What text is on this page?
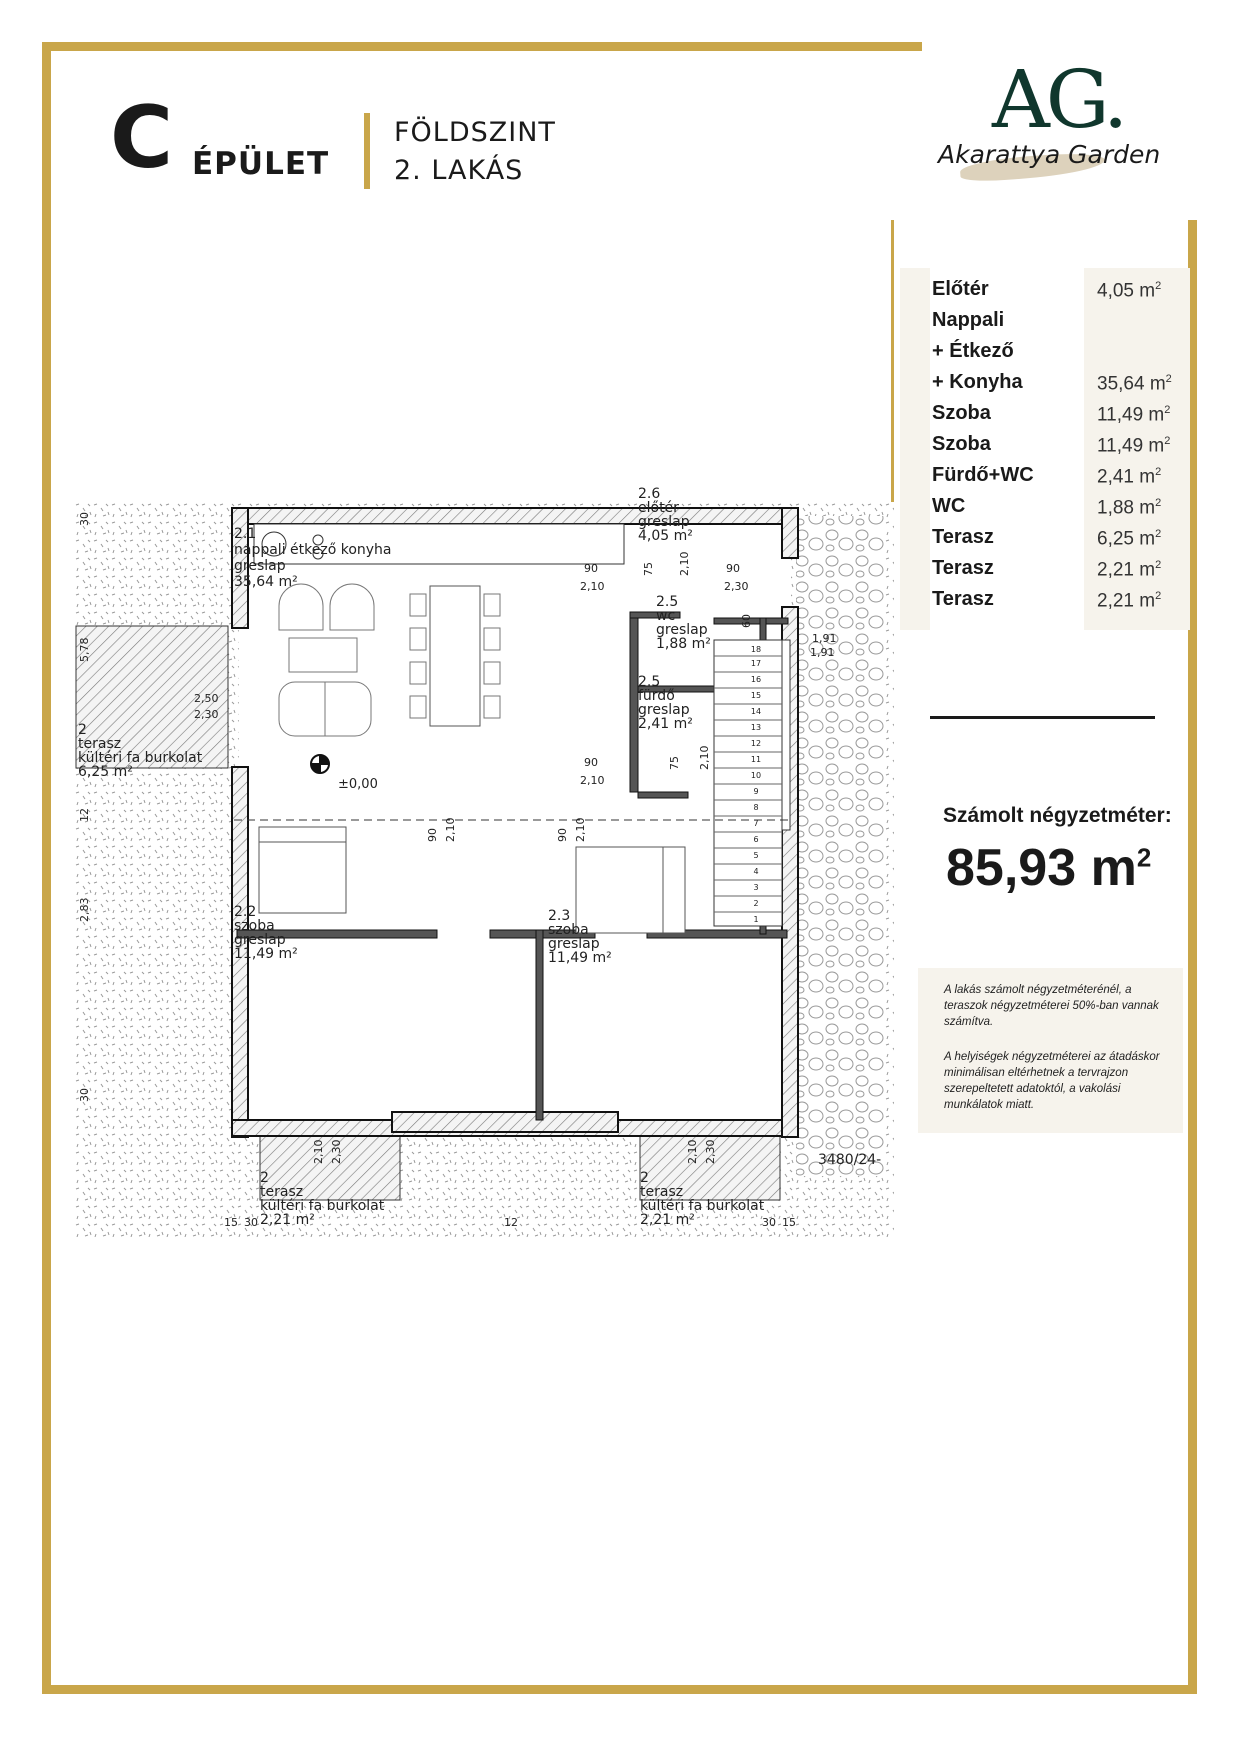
C ÉPÜLET
FÖLDSZINT
2. LAKÁS
AG.
Akarattya Garden
Előtér	4,05 $m^2$
Nappali
+ Étkező
+ Konyha	35,64 $m^2$
Szoba	11,49 $m^2$
Szoba	11,49 $m^2$
Fürdő+WC	2,41 $m^2$
WC	1,88 $m^2$
Terasz	6,25 $m^2$
Terasz	2,21 $m^2$
Terasz	2,21 $m^2$
Számolt négyzetméter:
85,93 $m^2$
A lakás számolt négyzetméterénél, a teraszok négyzetméterei 50%-ban vannak számítva.
A helyiségek négyzetméterei az átadáskor minimálisan eltérhetnek a tervrajzon szerepeltetett adatoktól, a vakolási munkálatok miatt.
1
2
3
4
5
6
7
8
9
10
11
12
13
14
15
16
17
18
2.1
nappali étkező konyha
greslap
35,64 m²
2.6
előtér
greslap
4,05 m²
2.5
wc
greslap
1,88 m²
2.5
fürdő
greslap
2,41 m²
2.2
szoba
greslap
11,49 m²
2.3
szoba
greslap
11,49 m²
2
terasz
kültéri fa burkolat
6,25 m²
2
terasz
kültéri fa burkolat
2,21 m²
2
terasz
kültéri fa burkolat
2,21 m²
±0,00
3480/24-
90
2,10
90
2,30
2,50
2,30
90
2,10
1,91
1,91
12
15 30	30 15
5,78
12
2,83
30
30
90 2,10	90 2,10
75 2,10
75 2,10
60
2,10 2,30	2,10 2,30
